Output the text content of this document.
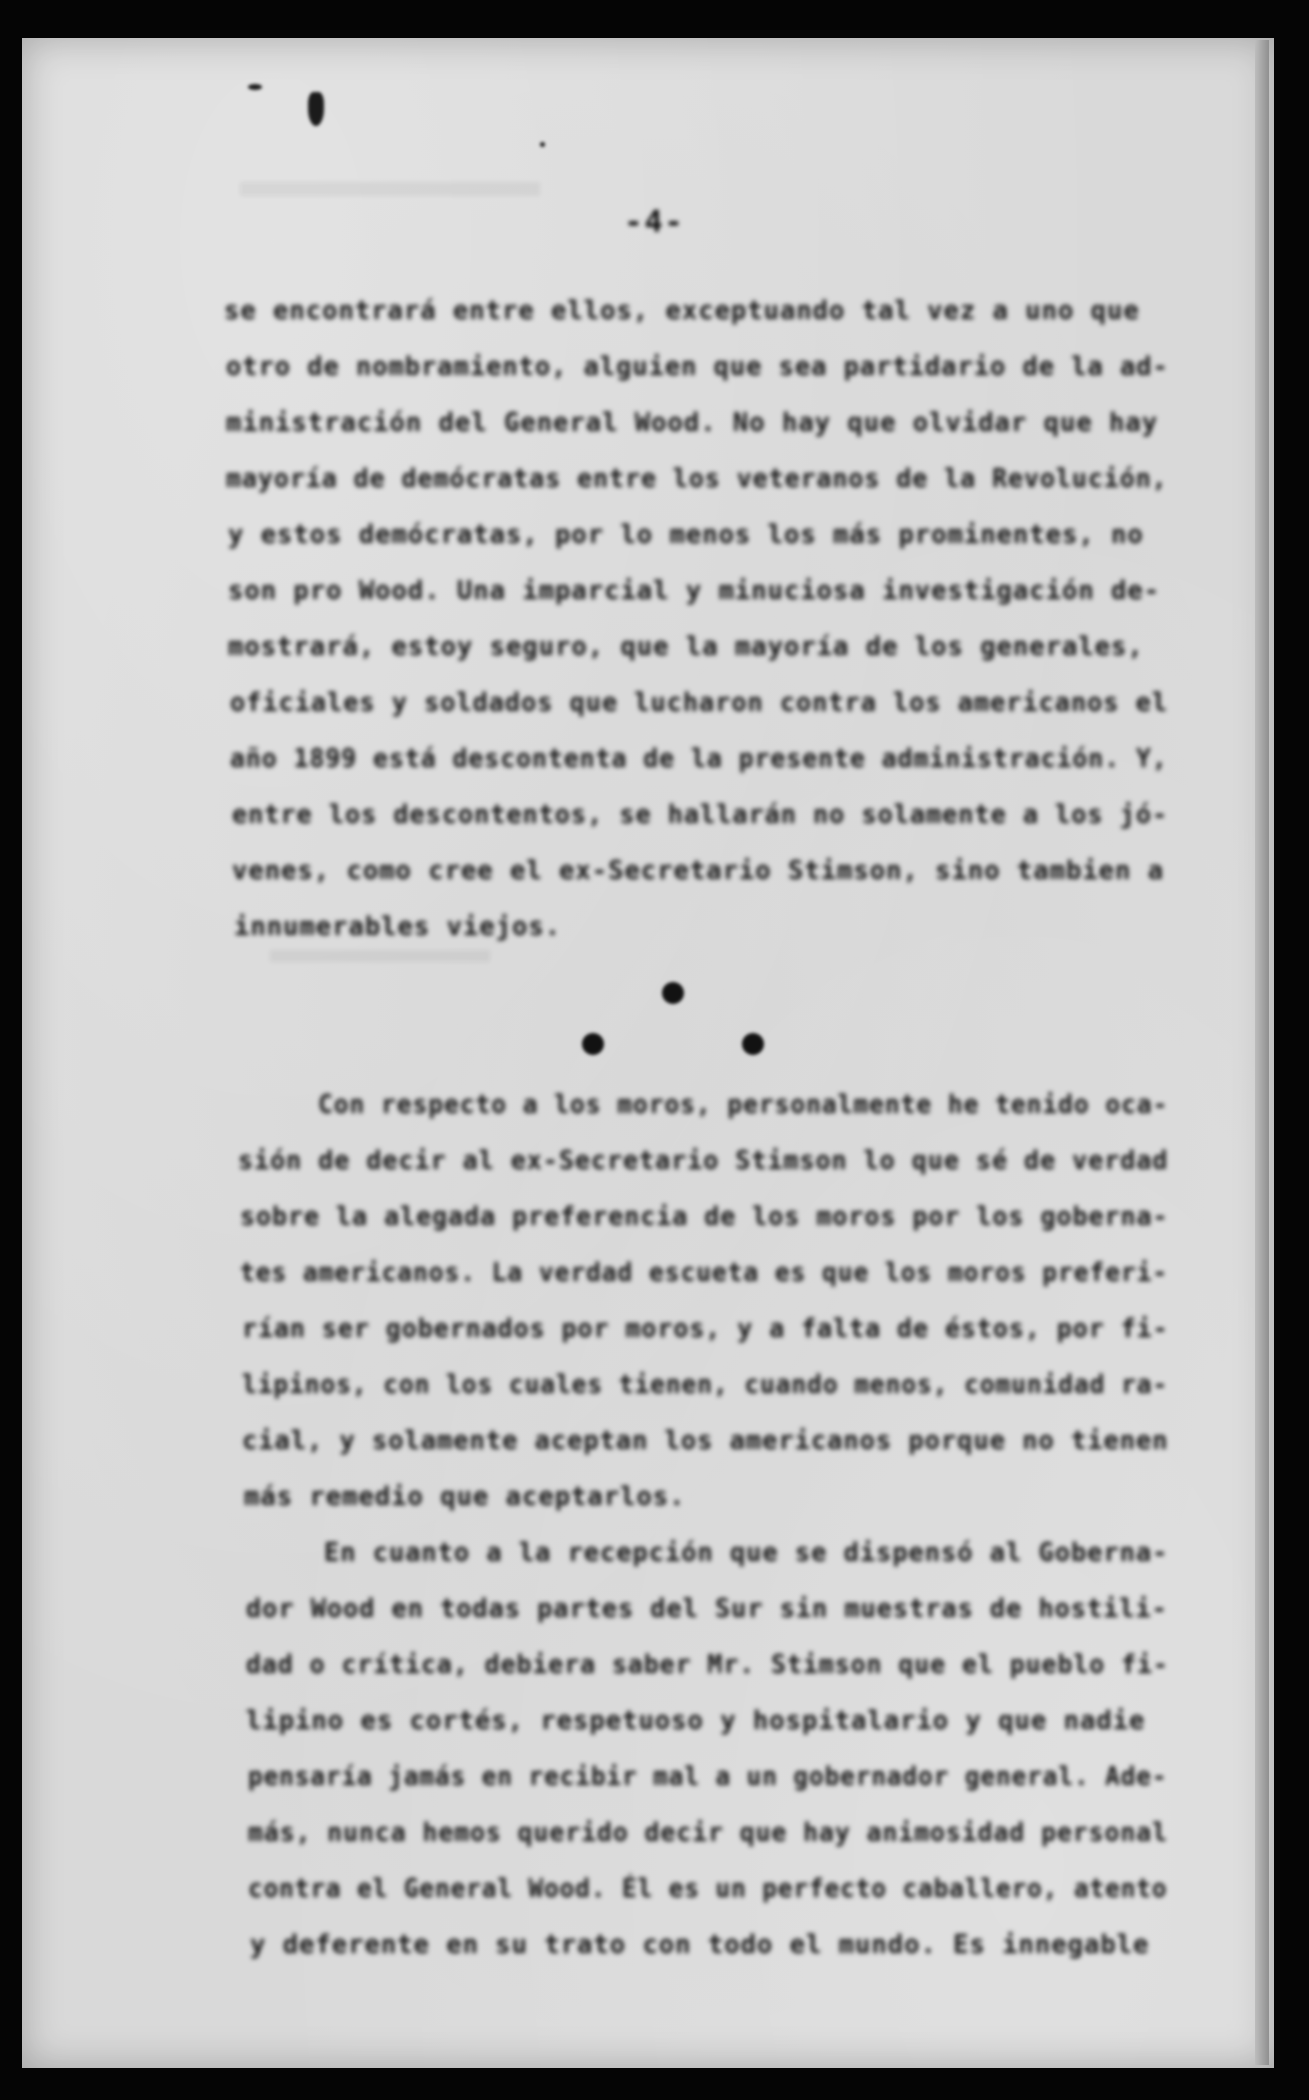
-4-
se encontrará entre ellos, exceptuando tal vez a uno que
otro de nombramiento, alguien que sea partidario de la ad-
ministración del General Wood. No hay que olvidar que hay
mayoría de demócratas entre los veteranos de la Revolución,
y estos demócratas, por lo menos los más prominentes, no
son pro Wood. Una imparcial y minuciosa investigación de-
mostrará, estoy seguro, que la mayoría de los generales,
oficiales y soldados que lucharon contra los americanos el
año 1899 está descontenta de la presente administración. Y,
entre los descontentos, se hallarán no solamente a los jó-
venes, como cree el ex-Secretario Stimson, sino tambien a
innumerables viejos.
Con respecto a los moros, personalmente he tenido oca-
sión de decir al ex-Secretario Stimson lo que sé de verdad
sobre la alegada preferencia de los moros por los goberna-
tes americanos. La verdad escueta es que los moros preferi-
rían ser gobernados por moros, y a falta de éstos, por fi-
lipinos, con los cuales tienen, cuando menos, comunidad ra-
cial, y solamente aceptan los americanos porque no tienen
más remedio que aceptarlos.
En cuanto a la recepción que se dispensó al Goberna-
dor Wood en todas partes del Sur sin muestras de hostili-
dad o crítica, debiera saber Mr. Stimson que el pueblo fi-
lipino es cortés, respetuoso y hospitalario y que nadie
pensaría jamás en recibir mal a un gobernador general. Ade-
más, nunca hemos querido decir que hay animosidad personal
contra el General Wood. Él es un perfecto caballero, atento
y deferente en su trato con todo el mundo. Es innegable
